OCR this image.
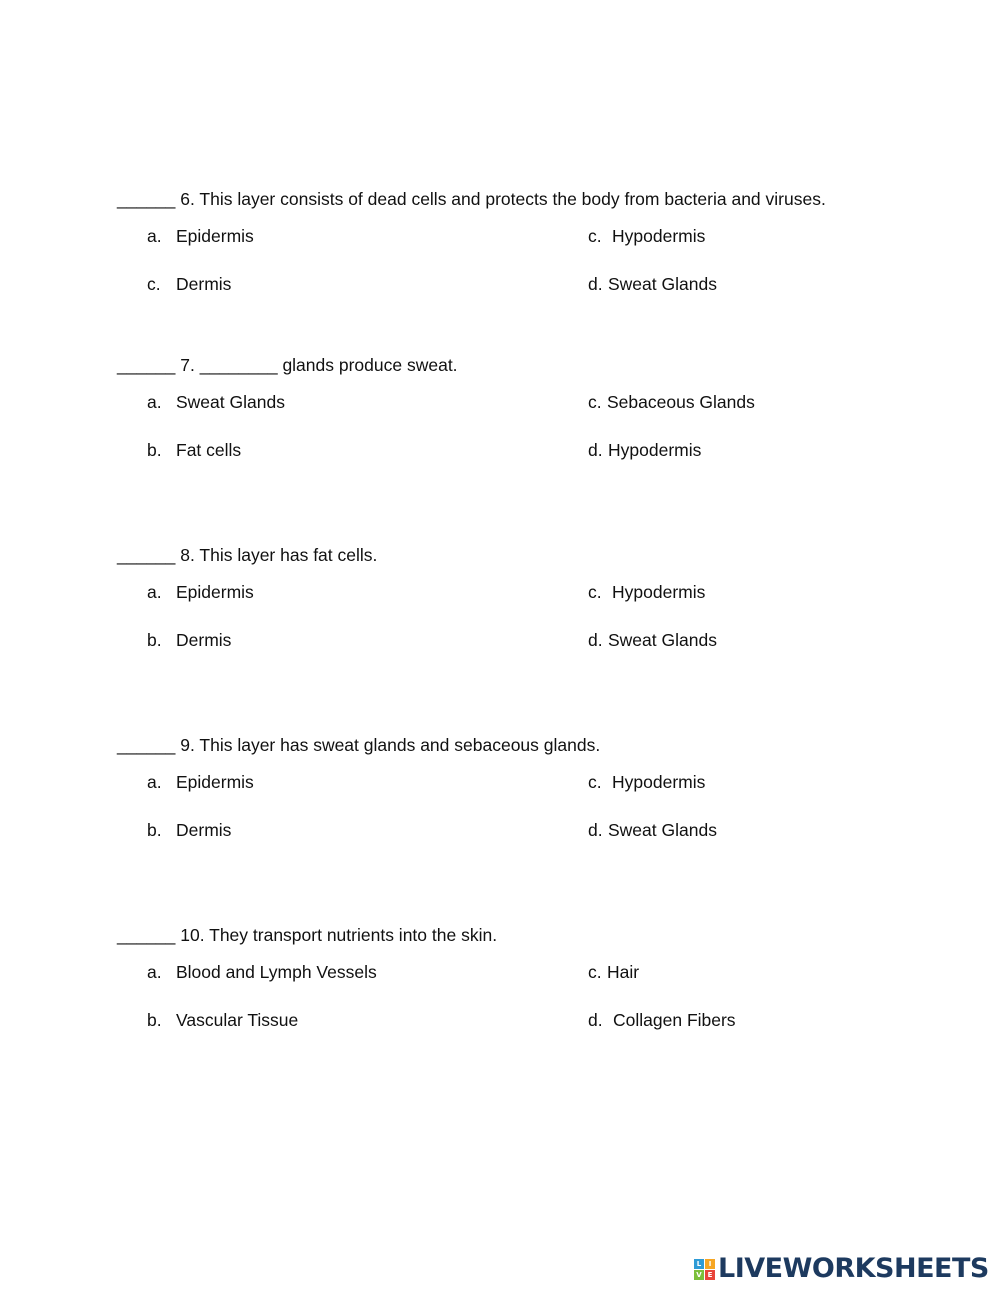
______ 6. This layer consists of dead cells and protects the body from bacteria and viruses.
a. Epidermis
c. Dermis
c. Hypodermis
d. Sweat Glands
______ 7. ________ glands produce sweat.
a. Sweat Glands
b. Fat cells
c. Sebaceous Glands
d. Hypodermis
______ 8. This layer has fat cells.
a. Epidermis
b. Dermis
c. Hypodermis
d. Sweat Glands
______ 9. This layer has sweat glands and sebaceous glands.
a. Epidermis
b. Dermis
c. Hypodermis
d. Sweat Glands
______ 10. They transport nutrients into the skin.
a. Blood and Lymph Vessels
b. Vascular Tissue
c. Hair
d. Collagen Fibers
L	I
V E LIVEWORKSHEETS
